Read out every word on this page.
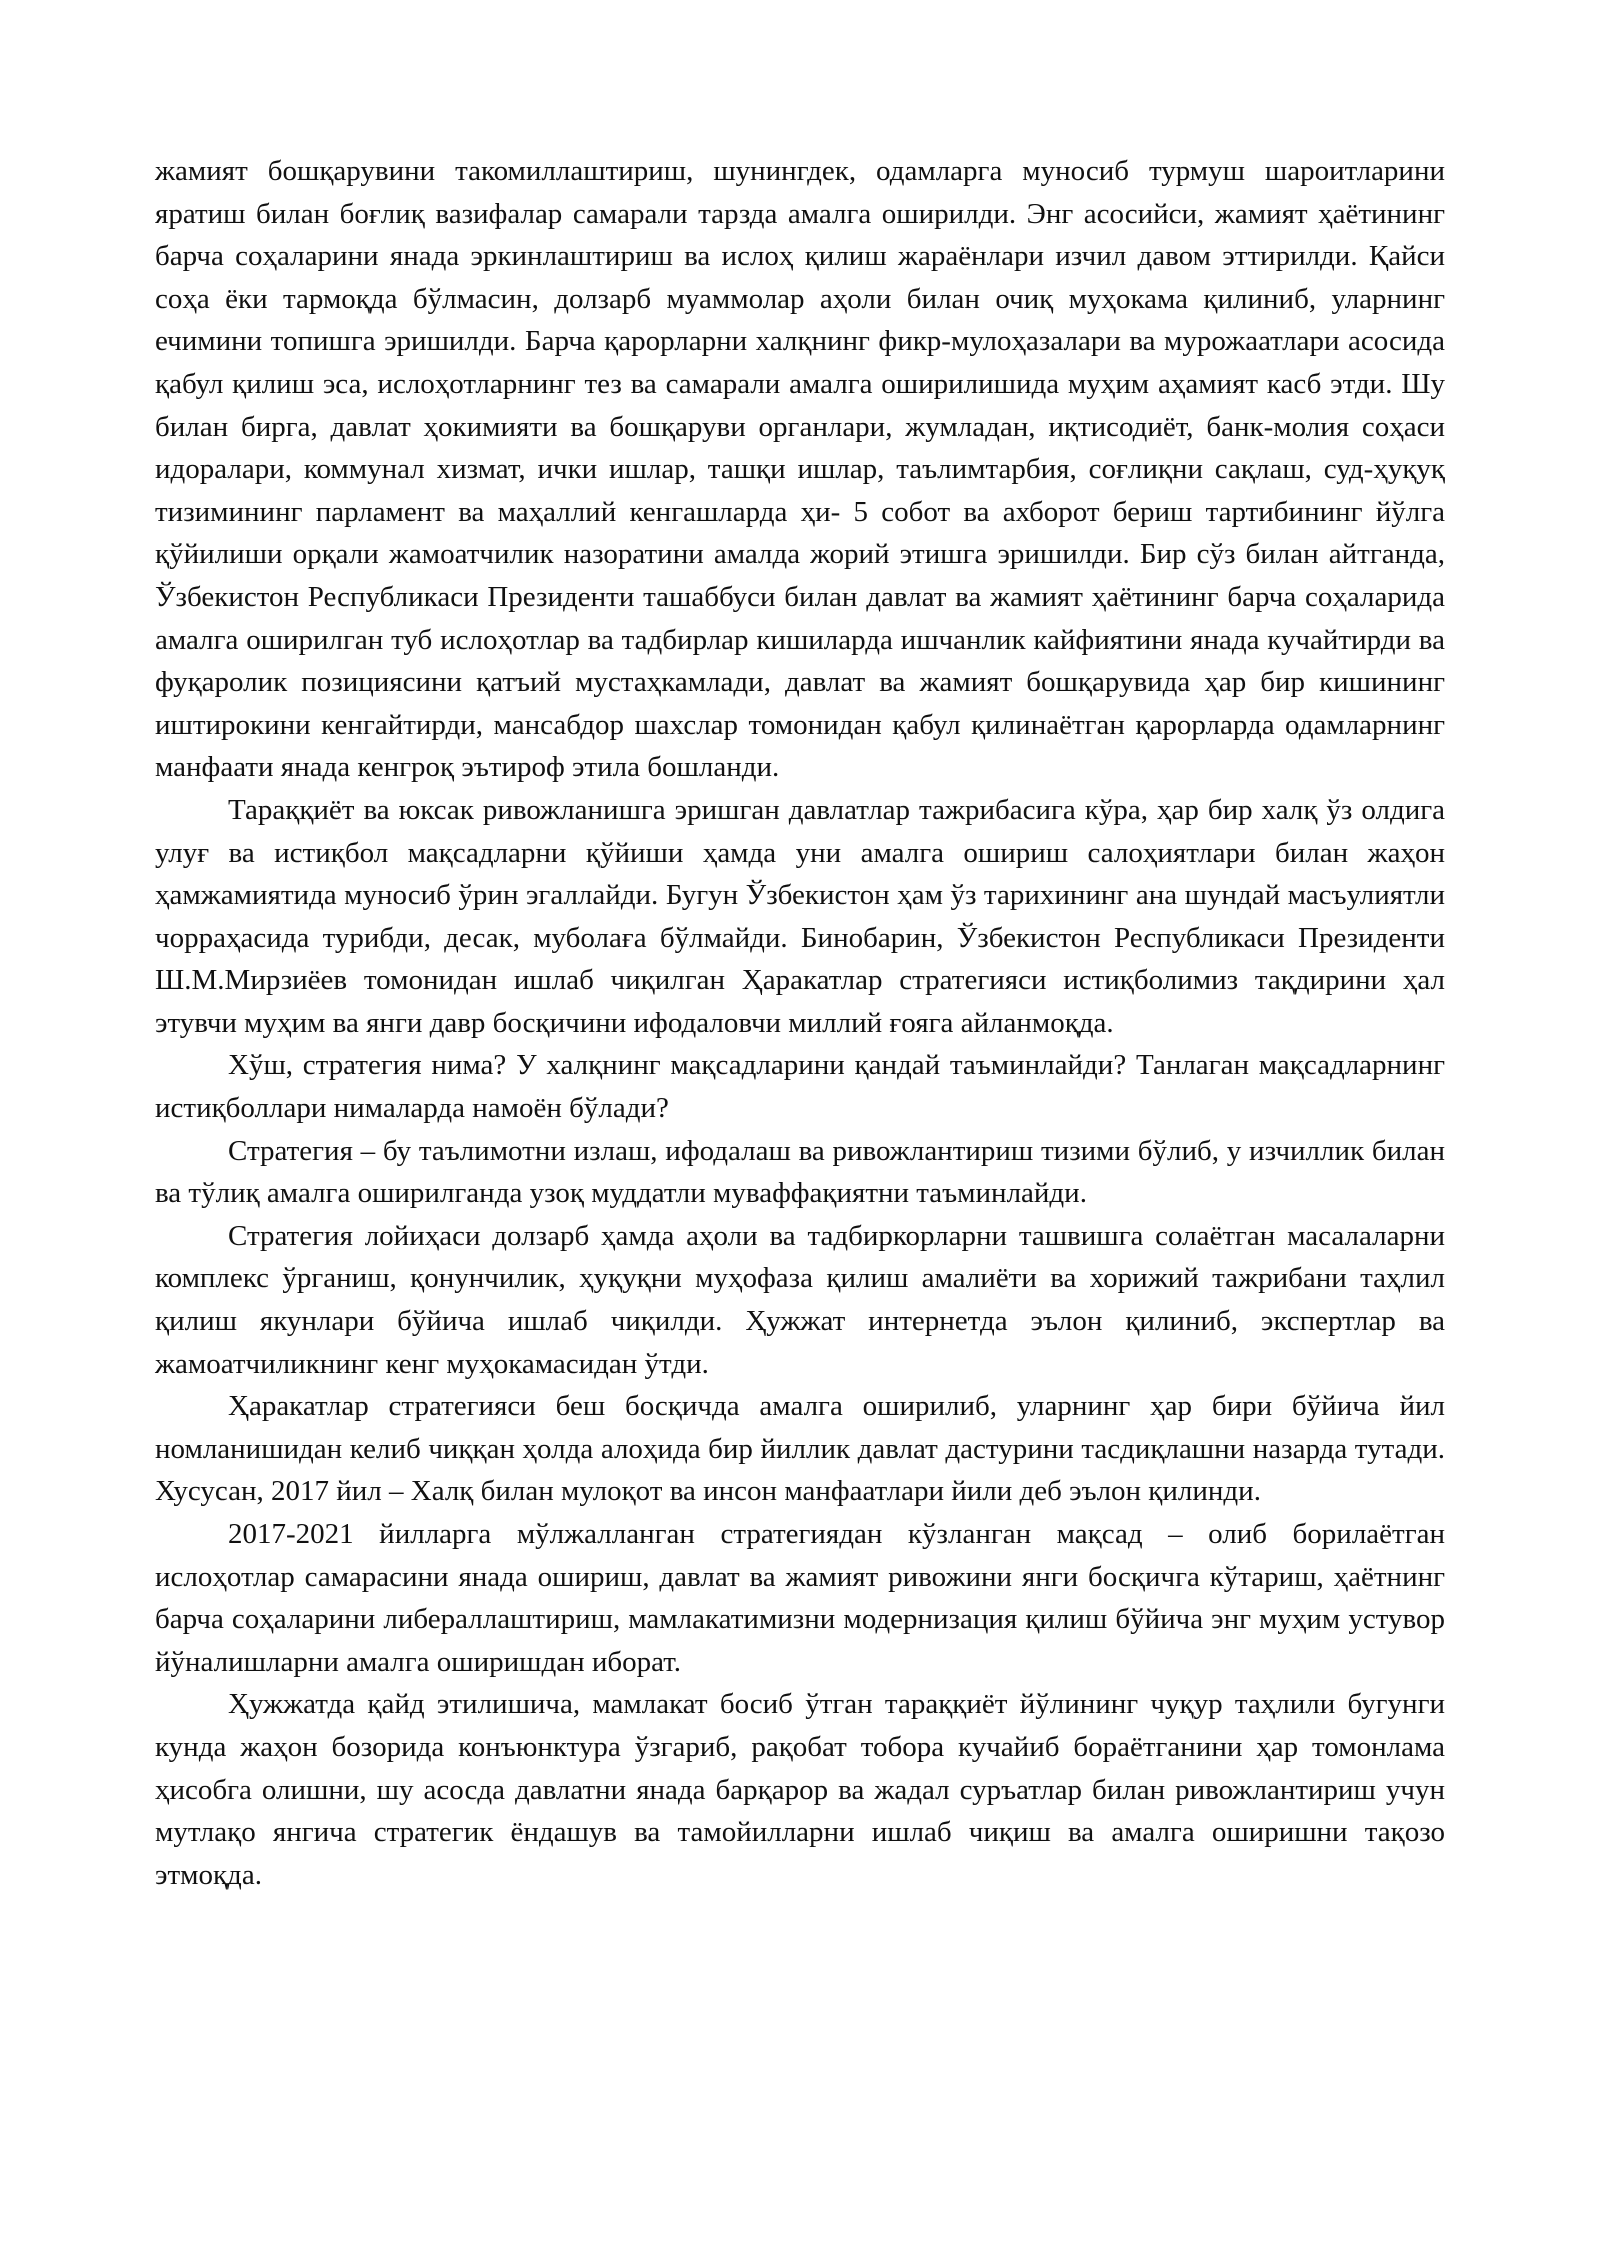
жамият бошқарувини такомиллаштириш, шунингдек, одамларга муносиб турмуш шароитларини яратиш билан боғлиқ вазифалар самарали тарзда амалга оширилди. Энг асосийси, жамият ҳаётининг барча соҳаларини янада эркинлаштириш ва ислоҳ қилиш жараёнлари изчил давом эттирилди. Қайси соҳа ёки тармоқда бўлмасин, долзарб муаммолар аҳоли билан очиқ муҳокама қилиниб, уларнинг ечимини топишга эришилди. Барча қарорларни халқнинг фикр-мулоҳазалари ва мурожаатлари асосида қабул қилиш эса, ислоҳотларнинг тез ва самарали амалга оширилишида муҳим аҳамият касб этди. Шу билан бирга, давлат ҳокимияти ва бошқаруви органлари, жумладан, иқтисодиёт, банк-молия соҳаси идоралари, коммунал хизмат, ички ишлар, ташқи ишлар, таълимтарбия, соғлиқни сақлаш, суд-ҳуқуқ тизимининг парламент ва маҳаллий кенгашларда ҳи- 5 собот ва ахборот бериш тартибининг йўлга қўйилиши орқали жамоатчилик назоратини амалда жорий этишга эришилди. Бир сўз билан айтганда, Ўзбекистон Республикаси Президенти ташаббуси билан давлат ва жамият ҳаётининг барча соҳаларида амалга оширилган туб ислоҳотлар ва тадбирлар кишиларда ишчанлик кайфиятини янада кучайтирди ва фуқаролик позициясини қатъий мустаҳкамлади, давлат ва жамият бошқарувида ҳар бир кишининг иштирокини кенгайтирди, мансабдор шахслар томонидан қабул қилинаётган қарорларда одамларнинг манфаати янада кенгроқ эътироф этила бошланди.

Тараққиёт ва юксак ривожланишга эришган давлатлар тажрибасига кўра, ҳар бир халқ ўз олдига улуғ ва истиқбол мақсадларни қўйиши ҳамда уни амалга ошириш салоҳиятлари билан жаҳон ҳамжамиятида муносиб ўрин эгаллайди. Бугун Ўзбекистон ҳам ўз тарихининг ана шундай масъулиятли чорраҳасида турибди, десак, муболаға бўлмайди. Бинобарин, Ўзбекистон Республикаси Президенти Ш.М.Мирзиёев томонидан ишлаб чиқилган Ҳаракатлар стратегияси истиқболимиз тақдирини ҳал этувчи муҳим ва янги давр босқичини ифодаловчи миллий ғояга айланмоқда.

Хўш, стратегия нима? У халқнинг мақсадларини қандай таъминлайди? Танлаган мақсадларнинг истиқболлари нималарда намоён бўлади?

Стратегия – бу таълимотни излаш, ифодалаш ва ривожлантириш тизими бўлиб, у изчиллик билан ва тўлиқ амалга оширилганда узоқ муддатли муваффақиятни таъминлайди.

Стратегия лойиҳаси долзарб ҳамда аҳоли ва тадбиркорларни ташвишга солаётган масалаларни комплекс ўрганиш, қонунчилик, ҳуқуқни муҳофаза қилиш амалиёти ва хорижий тажрибани таҳлил қилиш якунлари бўйича ишлаб чиқилди. Ҳужжат интернетда эълон қилиниб, экспертлар ва жамоатчиликнинг кенг муҳокамасидан ўтди.

Ҳаракатлар стратегияси беш босқичда амалга оширилиб, уларнинг ҳар бири бўйича йил номланишидан келиб чиққан ҳолда алоҳида бир йиллик давлат дастурини тасдиқлашни назарда тутади. Хусусан, 2017 йил – Халқ билан мулоқот ва инсон манфаатлари йили деб эълон қилинди.

2017-2021 йилларга мўлжалланган стратегиядан кўзланган мақсад – олиб борилаётган ислоҳотлар самарасини янада ошириш, давлат ва жамият ривожини янги босқичга кўтариш, ҳаётнинг барча соҳаларини либераллаштириш, мамлакатимизни модернизация қилиш бўйича энг муҳим устувор йўналишларни амалга оширишдан иборат.

Ҳужжатда қайд этилишича, мамлакат босиб ўтган тараққиёт йўлининг чуқур таҳлили бугунги кунда жаҳон бозорида конъюнктура ўзгариб, рақобат тобора кучайиб бораётганини ҳар томонлама ҳисобга олишни, шу асосда давлатни янада барқарор ва жадал суръатлар билан ривожлантириш учун мутлақо янгича стратегик ёндашув ва тамойилларни ишлаб чиқиш ва амалга оширишни тақозо этмоқда.
